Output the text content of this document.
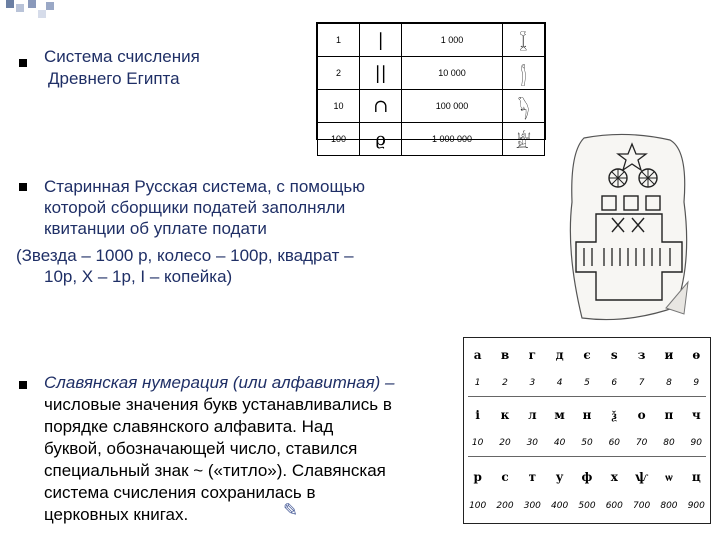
Система счисления
Древнего Египта
1	|	1 000	𓆼
2	||	10 000	𓂭
10	∩	100 000	𓆐
100	ϱ	1 000 000	𓁨
Старинная Русская система, с помощью
которой сборщики податей заполняли
квитанции об уплате подати
(Звезда – 1000 р, колесо – 100р, квадрат –
10р, Х – 1р, I – копейка)
Славянская нумерация (или алфавитная) –
числовые значения букв устанавливались в
порядке славянского алфавита. Над
буквой, обозначающей число, ставился
специальный знак ~ («титло»). Славянская
система счисления сохранилась в
церковных книгах.	✎
а	в	г	д	є	ѕ	з	и	ѳ
1	2	3	4	5	6	7	8	9
і	к	л	м	н	ѯ	о	п	ч
10	20	30	40	50	60	70	80	90
р	с	т	у	ф	х	ѱ	ѡ	ц
100	200	300	400	500	600	700	800	900
